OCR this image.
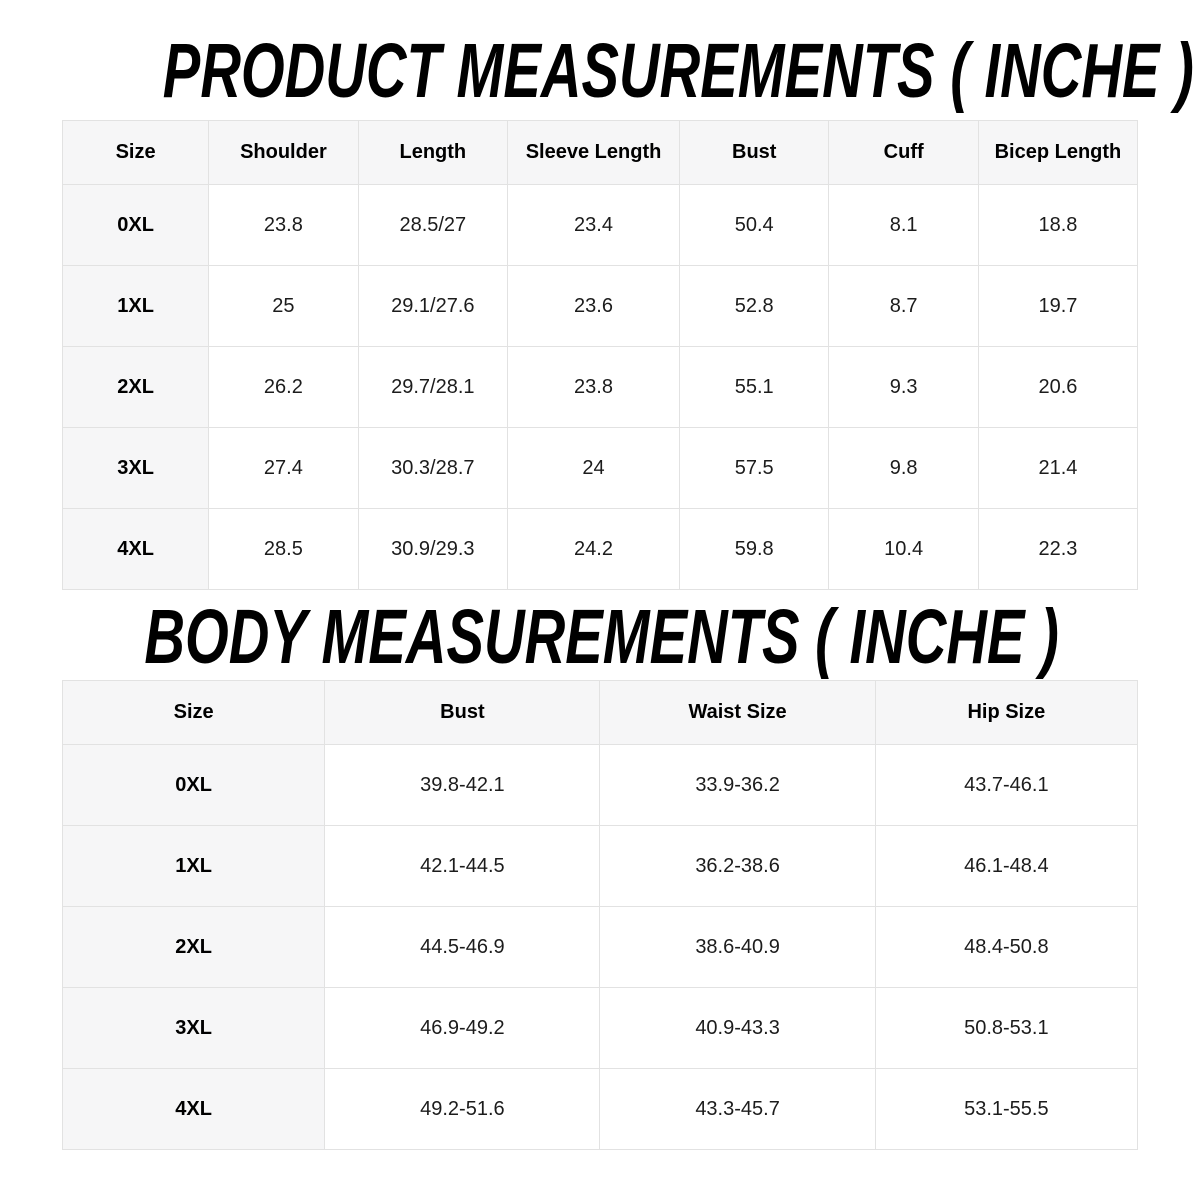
PRODUCT MEASUREMENTS ( INCHE )
Size	Shoulder	Length	Sleeve Length	Bust	Cuff	Bicep Length
0XL	23.8	28.5/27	23.4	50.4	8.1	18.8
1XL	25	29.1/27.6	23.6	52.8	8.7	19.7
2XL	26.2	29.7/28.1	23.8	55.1	9.3	20.6
3XL	27.4	30.3/28.7	24	57.5	9.8	21.4
4XL	28.5	30.9/29.3	24.2	59.8	10.4	22.3
BODY MEASUREMENTS ( INCHE )
Size	Bust	Waist Size	Hip Size
0XL	39.8-42.1	33.9-36.2	43.7-46.1
1XL	42.1-44.5	36.2-38.6	46.1-48.4
2XL	44.5-46.9	38.6-40.9	48.4-50.8
3XL	46.9-49.2	40.9-43.3	50.8-53.1
4XL	49.2-51.6	43.3-45.7	53.1-55.5
